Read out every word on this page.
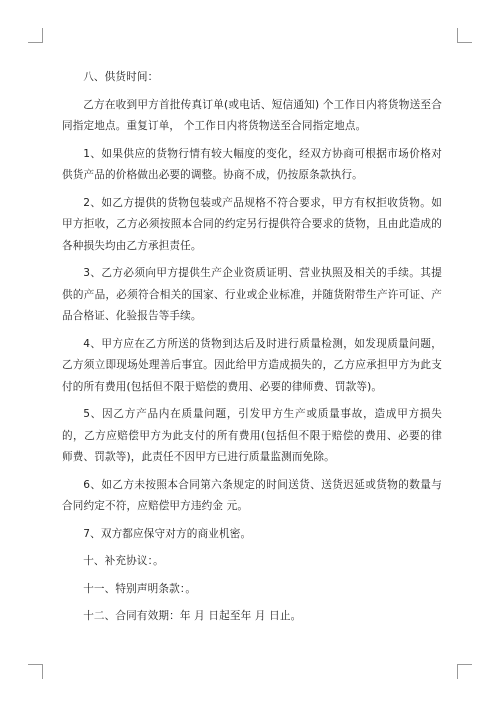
八、供货时间：

乙方在收到甲方首批传真订单(或电话、短信通知) 个工作日内将货物送至合同指定地点。重复订单， 个工作日内将货物送至合同指定地点。

1、如果供应的货物行情有较大幅度的变化，经双方协商可根据市场价格对供货产品的价格做出必要的调整。协商不成，仍按原条款执行。

2、如乙方提供的货物包装或产品规格不符合要求，甲方有权拒收货物。如甲方拒收，乙方必须按照本合同的约定另行提供符合要求的货物，且由此造成的各种损失均由乙方承担责任。

3、乙方必须向甲方提供生产企业资质证明、营业执照及相关的手续。其提供的产品，必须符合相关的国家、行业或企业标准，并随货附带生产许可证、产品合格证、化验报告等手续。

4、甲方应在乙方所送的货物到达后及时进行质量检测，如发现质量问题，乙方须立即现场处理善后事宜。因此给甲方造成损失的，乙方应承担甲方为此支付的所有费用(包括但不限于赔偿的费用、必要的律师费、罚款等)。

5、因乙方产品内在质量问题，引发甲方生产或质量事故，造成甲方损失的，乙方应赔偿甲方为此支付的所有费用(包括但不限于赔偿的费用、必要的律师费、罚款等)，此责任不因甲方已进行质量监测而免除。

6、如乙方未按照本合同第六条规定的时间送货、送货迟延或货物的数量与合同约定不符，应赔偿甲方违约金 元。

7、双方都应保守对方的商业机密。

十、补充协议：。

十一、特别声明条款：。

十二、合同有效期：年 月 日起至年 月 日止。
